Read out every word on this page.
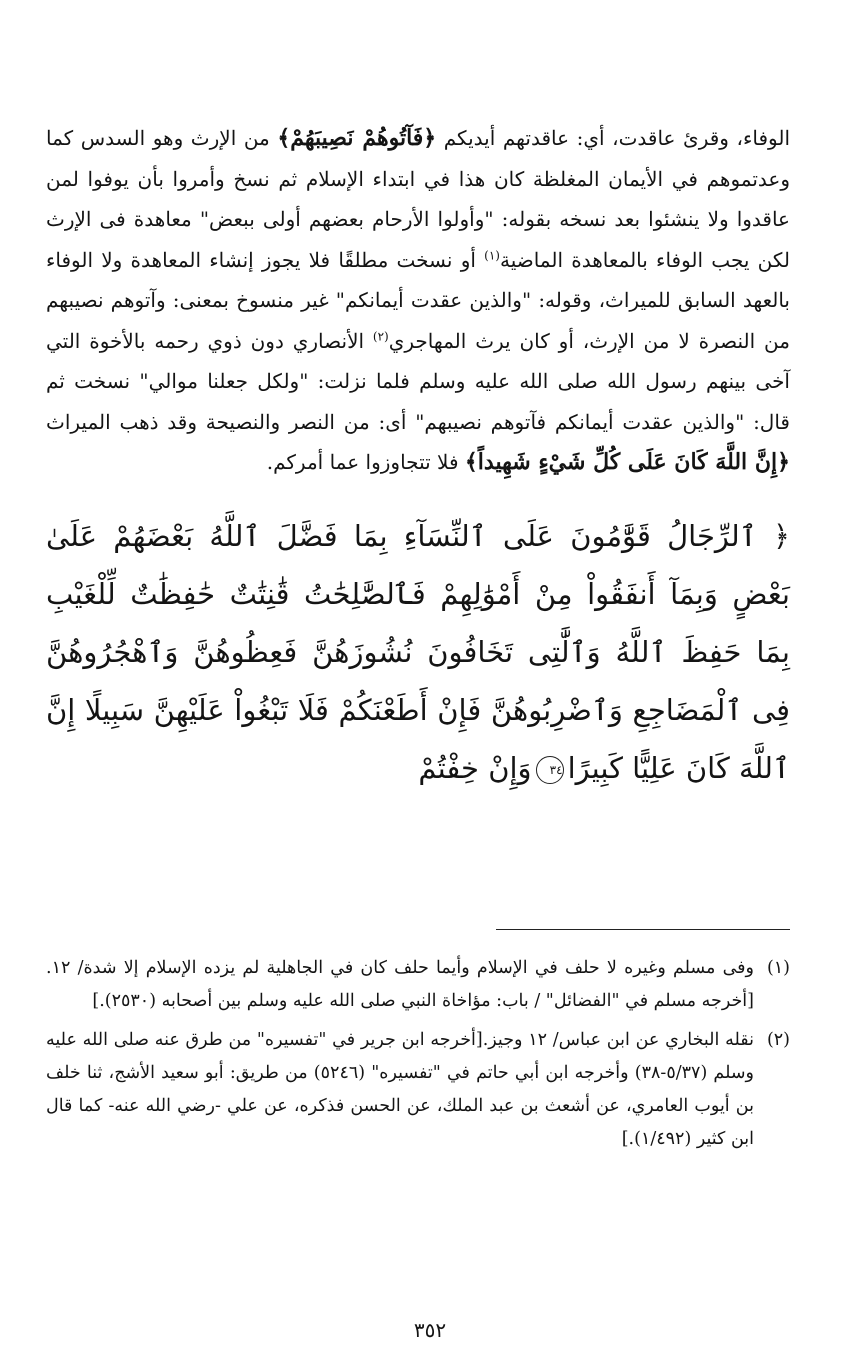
الوفاء، وقرئ عاقدت، أي: عاقدتهم أيديكم ﴿فَآتُوهُمْ نَصِيبَهُمْ﴾ من الإرث وهو السدس كما وعدتموهم في الأيمان المغلظة كان هذا في ابتداء الإسلام ثم نسخ وأمروا بأن يوفوا لمن عاقدوا ولا ينشئوا بعد نسخه بقوله: "وأولوا الأرحام بعضهم أولى ببعض" معاهدة فى الإرث لكن يجب الوفاء بالمعاهدة الماضية$^{(١)}$ أو نسخت مطلقًا فلا يجوز إنشاء المعاهدة ولا الوفاء بالعهد السابق للميراث، وقوله: "والذين عقدت أيمانكم" غير منسوخ بمعنى: وآتوهم نصيبهم من النصرة لا من الإرث، أو كان يرث المهاجري$^{(٢)}$ الأنصاري دون ذوي رحمه بالأخوة التي آخى بينهم رسول الله صلى الله عليه وسلم فلما نزلت: "ولكل جعلنا موالي" نسخت ثم قال: "والذين عقدت أيمانكم فآتوهم نصيبهم" أى: من النصر والنصيحة وقد ذهب الميراث ﴿إِنَّ اللَّهَ كَانَ عَلَى كُلِّ شَيْءٍ شَهِيداً﴾ فلا تتجاوزوا عما أمركم.

﴿ ٱلرِّجَالُ قَوَّٰمُونَ عَلَى ٱلنِّسَآءِ بِمَا فَضَّلَ ٱللَّهُ بَعْضَهُمْ عَلَىٰ بَعْضٍ وَبِمَآ أَنفَقُواْ مِنْ أَمْوَٰلِهِمْ فَٱلصَّٰلِحَٰتُ قَٰنِتَٰتٌ حَٰفِظَٰتٌ لِّلْغَيْبِ بِمَا حَفِظَ ٱللَّهُ وَٱلَّٰتِى تَخَافُونَ نُشُوزَهُنَّ فَعِظُوهُنَّ وَٱهْجُرُوهُنَّ فِى ٱلْمَضَاجِعِ وَٱضْرِبُوهُنَّ فَإِنْ أَطَعْنَكُمْ فَلَا تَبْغُواْ عَلَيْهِنَّ سَبِيلًا إِنَّ ٱللَّهَ كَانَ عَلِيًّا كَبِيرًا٣٤وَإِنْ خِفْتُمْ

(١)
وفى مسلم وغيره لا حلف في الإسلام وأيما حلف كان في الجاهلية لم يزده الإسلام إلا شدة/ ١٢.[أخرجه مسلم في "الفضائل" / باب: مؤاخاة النبي صلى الله عليه وسلم بين أصحابه (٢٥٣٠).]

(٢)
نقله البخاري عن ابن عباس/ ١٢ وجيز.[أخرجه ابن جرير في "تفسيره" من طرق عنه صلى الله عليه وسلم (٥/٣٧-٣٨) وأخرجه ابن أبي حاتم في "تفسيره" (٥٢٤٦) من طريق: أبو سعيد الأشج، ثنا خلف بن أيوب العامري، عن أشعث بن عبد الملك، عن الحسن فذكره، عن علي -رضي الله عنه- كما قال ابن كثير (١/٤٩٢).]

٣٥٢
